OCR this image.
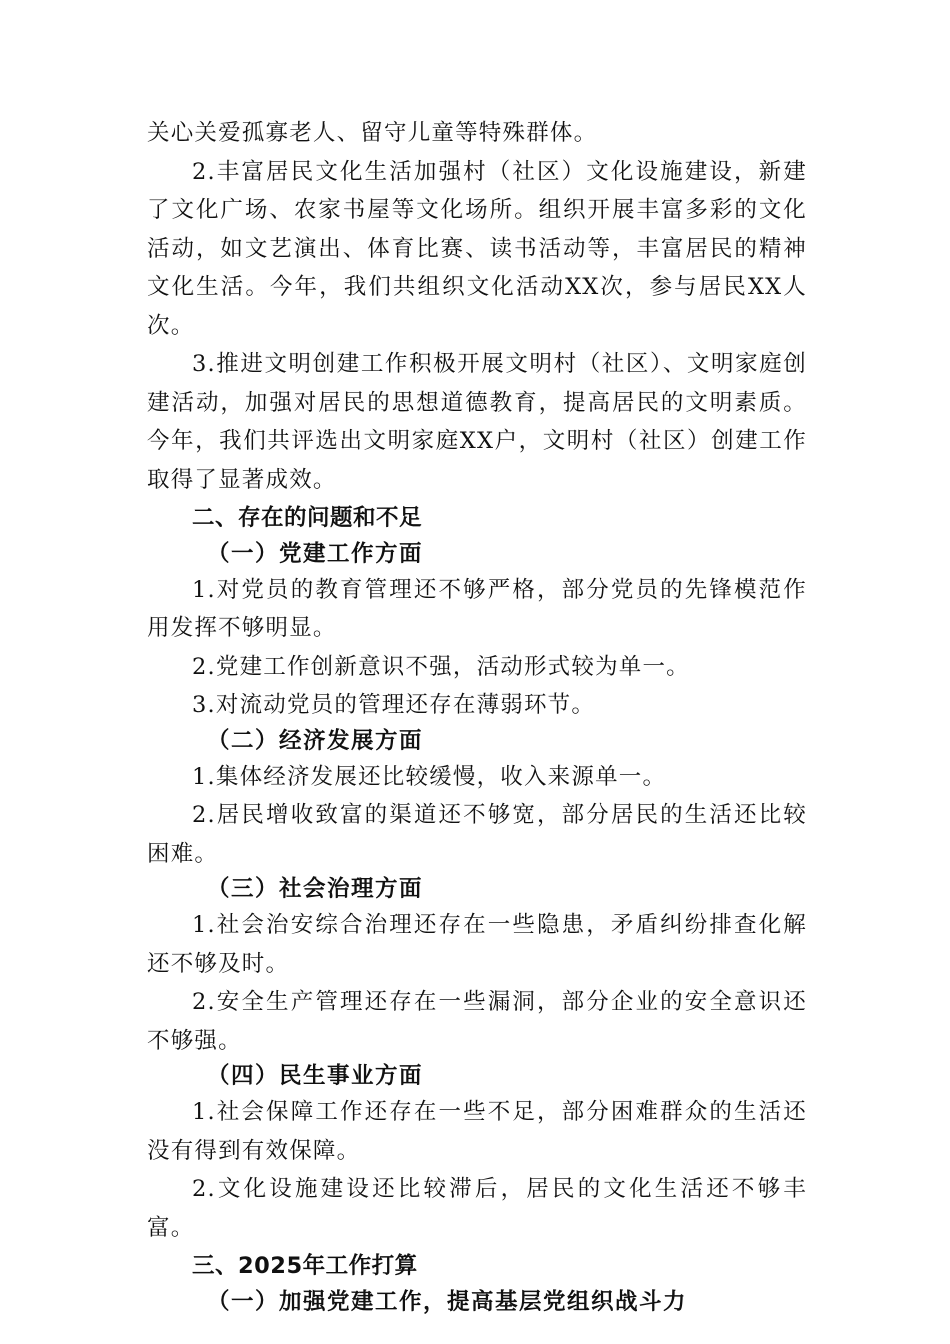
关心关爱孤寡老人、留守儿童等特殊群体。

2.丰富居民文化生活加强村（社区）文化设施建设，新建了文化广场、农家书屋等文化场所。组织开展丰富多彩的文化活动，如文艺演出、体育比赛、读书活动等，丰富居民的精神文化生活。今年，我们共组织文化活动XX次，参与居民XX人次。

3.推进文明创建工作积极开展文明村（社区）、文明家庭创建活动，加强对居民的思想道德教育，提高居民的文明素质。今年，我们共评选出文明家庭XX户，文明村（社区）创建工作取得了显著成效。

二、存在的问题和不足

（一）党建工作方面

1.对党员的教育管理还不够严格，部分党员的先锋模范作用发挥不够明显。

2.党建工作创新意识不强，活动形式较为单一。

3.对流动党员的管理还存在薄弱环节。

（二）经济发展方面

1.集体经济发展还比较缓慢，收入来源单一。

2.居民增收致富的渠道还不够宽，部分居民的生活还比较困难。

（三）社会治理方面

1.社会治安综合治理还存在一些隐患，矛盾纠纷排查化解还不够及时。

2.安全生产管理还存在一些漏洞，部分企业的安全意识还不够强。

（四）民生事业方面

1.社会保障工作还存在一些不足，部分困难群众的生活还没有得到有效保障。

2.文化设施建设还比较滞后，居民的文化生活还不够丰富。

三、2025年工作打算

（一）加强党建工作，提高基层党组织战斗力
